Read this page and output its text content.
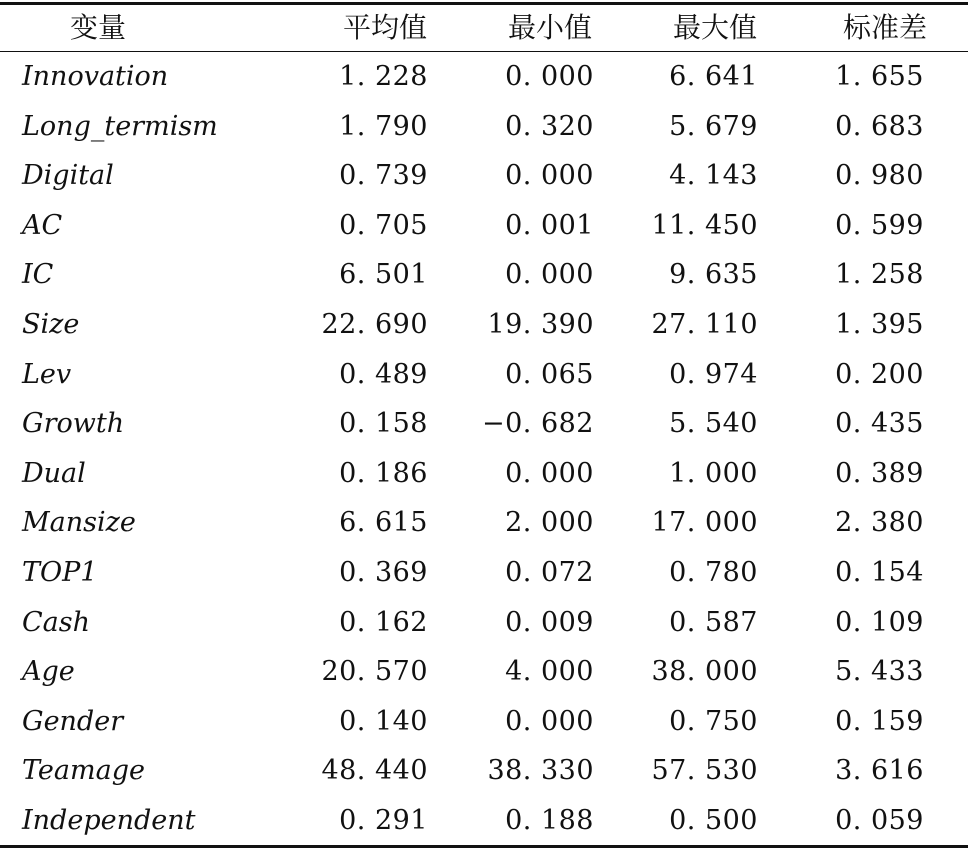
变量	平均值	最小值	最大值	标准差
Innovation	1. 228	0. 000	6. 641	1. 655
Long_termism	1. 790	0. 320	5. 679	0. 683
Digital	0. 739	0. 000	4. 143	0. 980
AC	0. 705	0. 001	11. 450	0. 599
IC	6. 501	0. 000	9. 635	1. 258
Size	22. 690	19. 390	27. 110	1. 395
Lev	0. 489	0. 065	0. 974	0. 200
Growth	0. 158	−0. 682	5. 540	0. 435
Dual	0. 186	0. 000	1. 000	0. 389
Mansize	6. 615	2. 000	17. 000	2. 380
TOP1	0. 369	0. 072	0. 780	0. 154
Cash	0. 162	0. 009	0. 587	0. 109
Age	20. 570	4. 000	38. 000	5. 433
Gender	0. 140	0. 000	0. 750	0. 159
Teamage	48. 440	38. 330	57. 530	3. 616
Independent	0. 291	0. 188	0. 500	0. 059
